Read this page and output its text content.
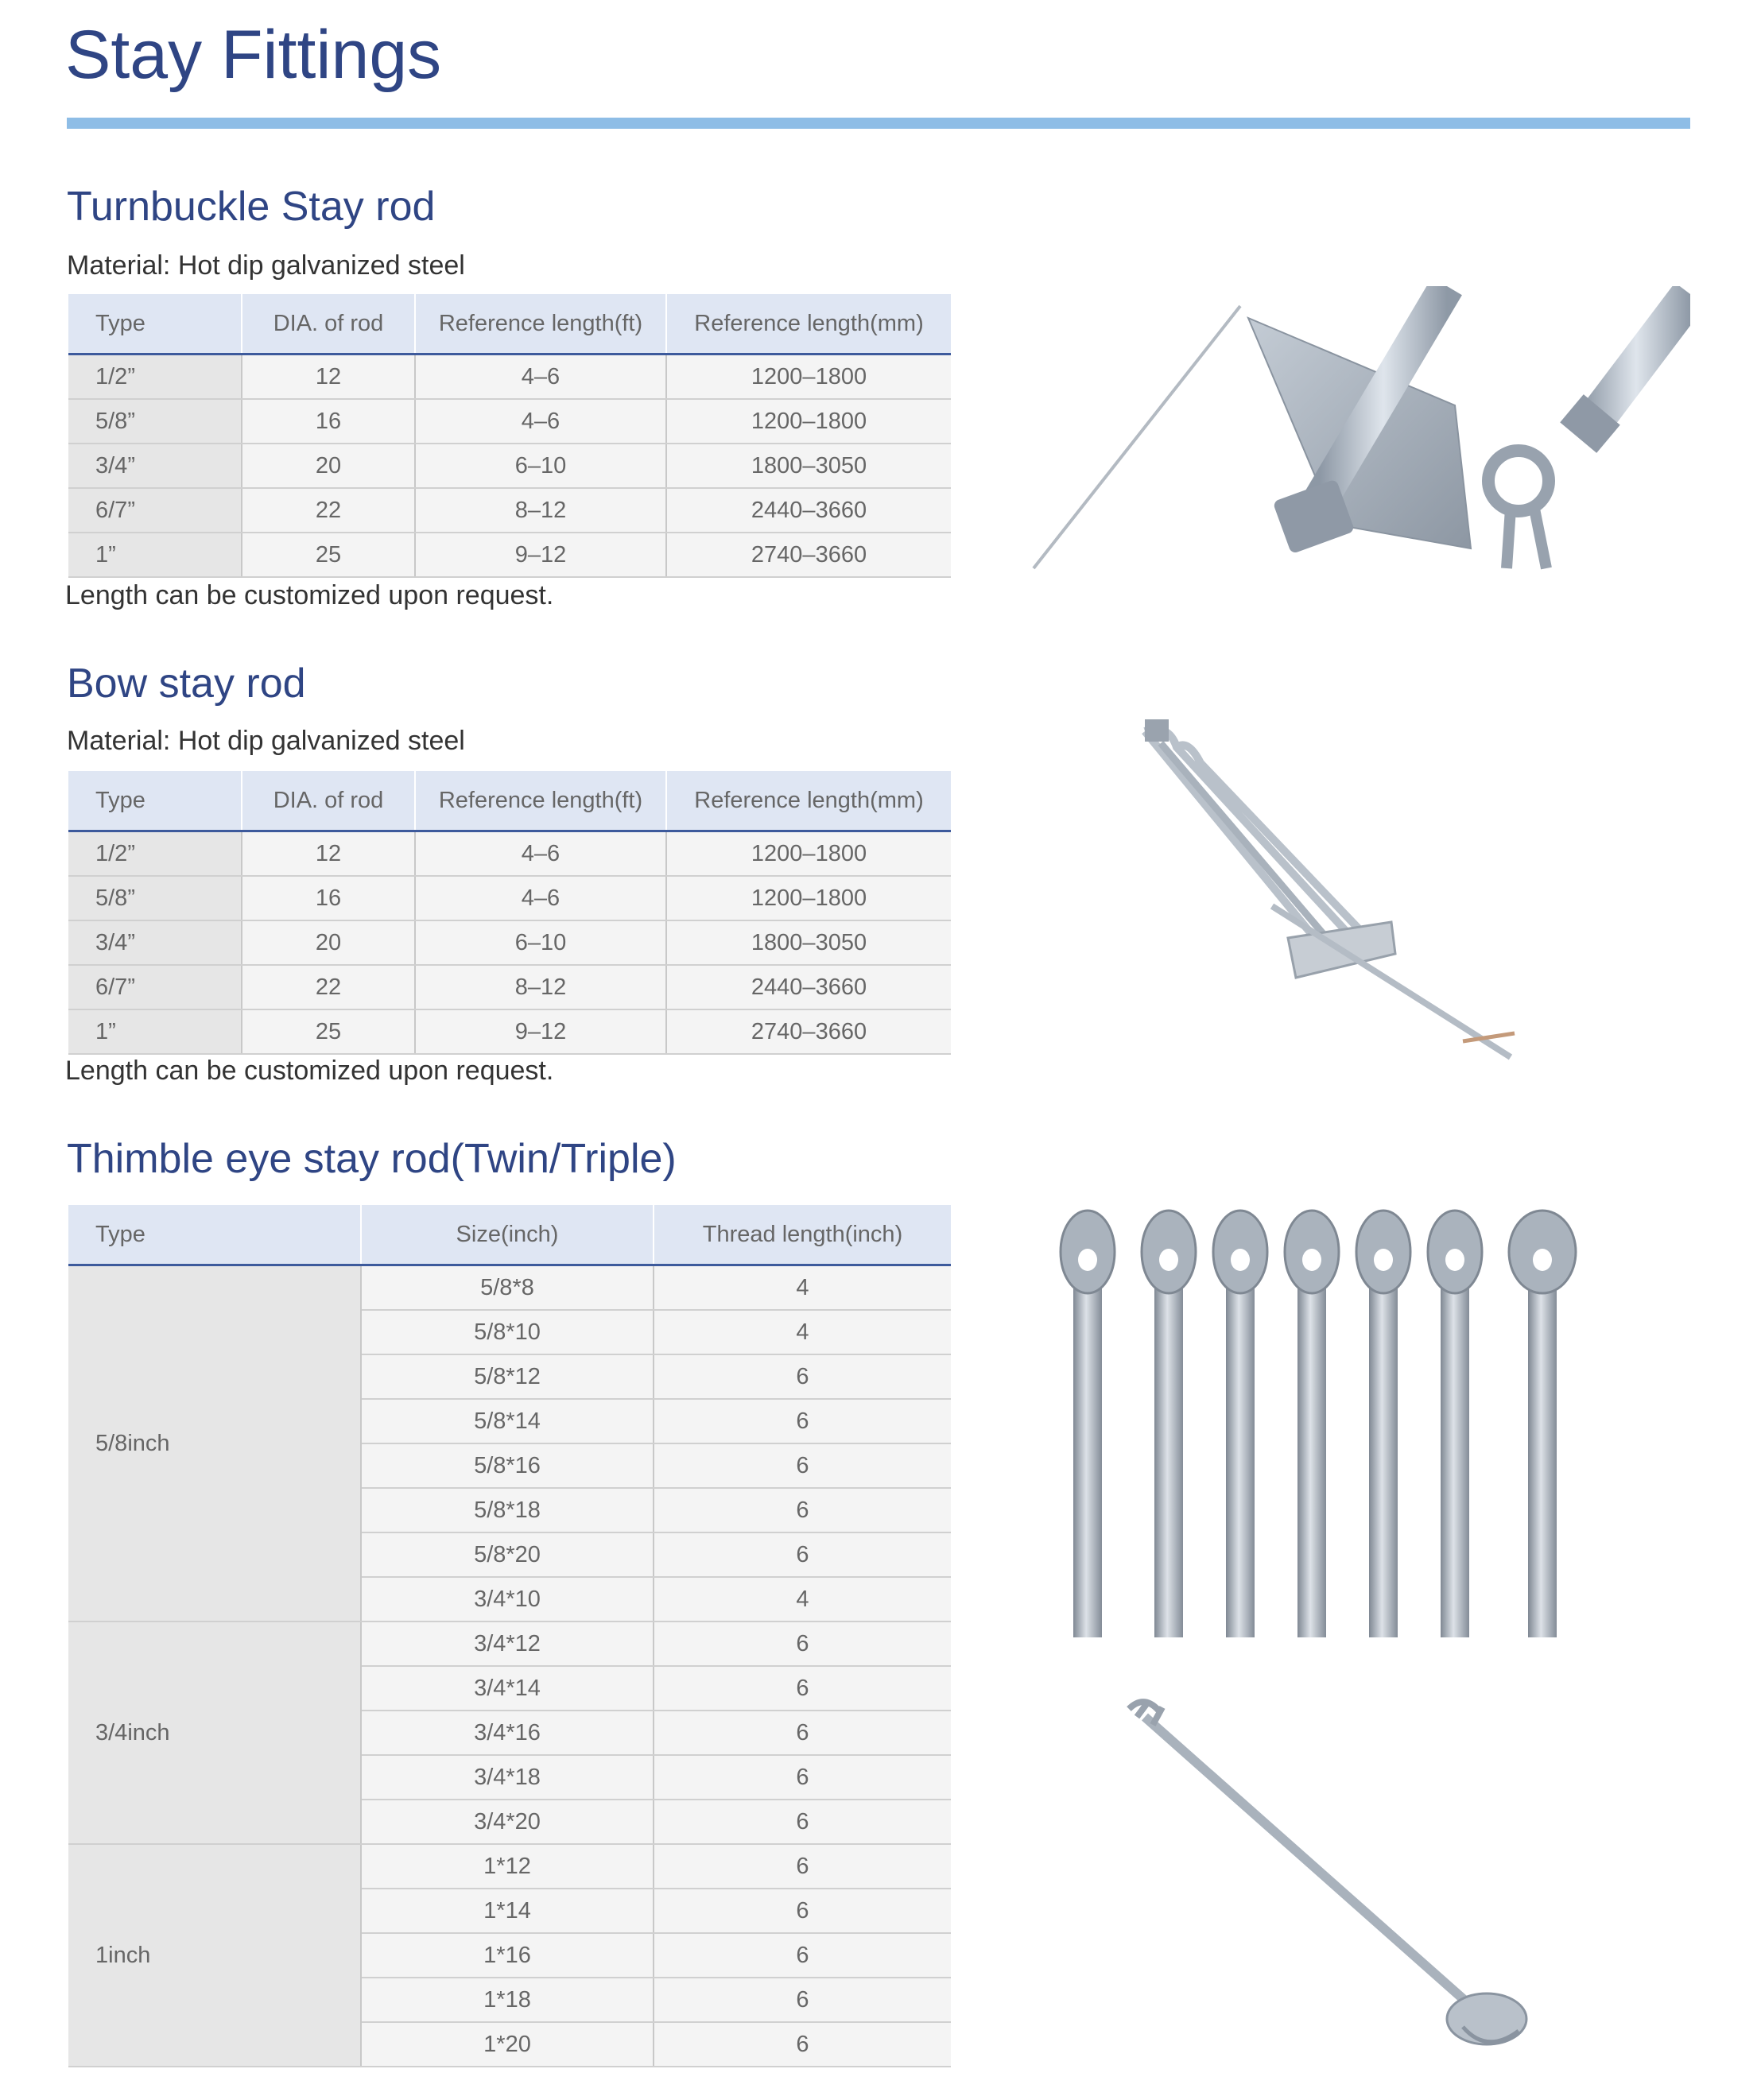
Stay Fittings
Turnbuckle Stay rod
Material: Hot dip galvanized steel
Type	DIA. of rod	Reference length(ft)	Reference length(mm)
1/2”	12	4–6	1200–1800
5/8”	16	4–6	1200–1800
3/4”	20	6–10	1800–3050
6/7”	22	8–12	2440–3660
1”	25	9–12	2740–3660
Length can be customized upon request.
Bow stay rod
Material: Hot dip galvanized steel
Type	DIA. of rod	Reference length(ft)	Reference length(mm)
1/2”	12	4–6	1200–1800
5/8”	16	4–6	1200–1800
3/4”	20	6–10	1800–3050
6/7”	22	8–12	2440–3660
1”	25	9–12	2740–3660
Length can be customized upon request.
Thimble eye stay rod(Twin/Triple)
Type	Size(inch)	Thread length(inch)
5/8inch	5/8*8	4
	5/8*10	4
	5/8*12	6
	5/8*14	6
	5/8*16	6
	5/8*18	6
	5/8*20	6
	3/4*10	4
3/4inch	3/4*12	6
	3/4*14	6
	3/4*16	6
	3/4*18	6
	3/4*20	6
1inch	1*12	6
	1*14	6
	1*16	6
	1*18	6
	1*20	6
